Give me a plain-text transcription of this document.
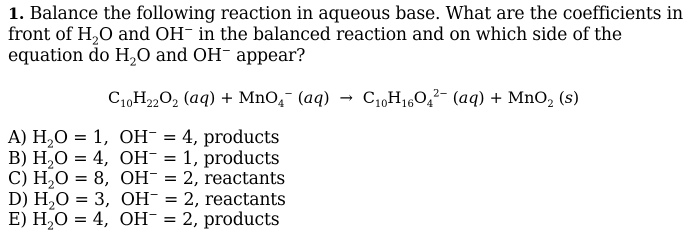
1. Balance the following reaction in aqueous base. What are the coefficients in front of $H_2O$ and OH− in the balanced reaction and on which side of the equation do $H_2O$ and OH− appear?

$C_{10}H_{22}O_2$ (aq) + MnO$_4$− $(aq) \to C_{10}H_{16}O_4^{2-}$ (aq) + MnO$_2$ (s)
A) $H_2O = 1$,  OH− = 4, products
B) $H_2O = 4$,  OH− = 1, products
C) $H_2O = 8$,  OH− = 2, reactants
D) $H_2O = 3$,  OH− = 2, reactants
E) $H_2O = 4$,  OH− = 2, products
